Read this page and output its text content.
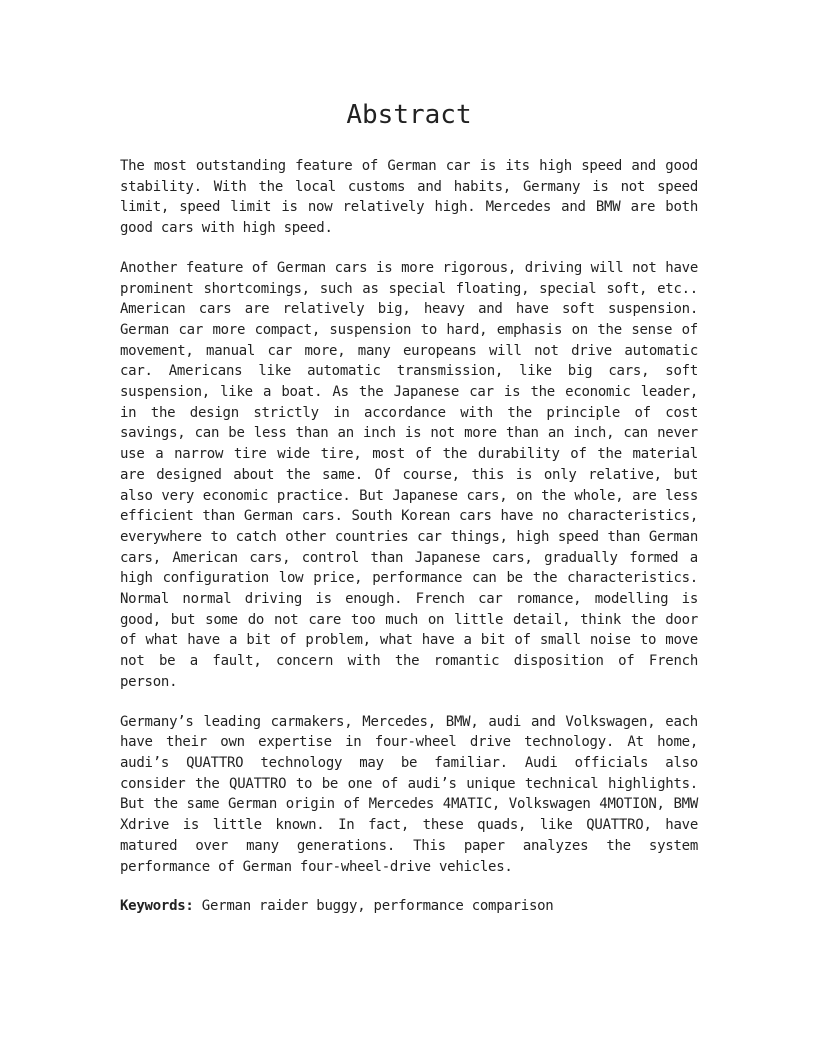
Abstract

The most outstanding feature of German car is its high speed and good stability. With the local customs and habits, Germany is not speed limit, speed limit is now relatively high. Mercedes and BMW are both good cars with high speed.

Another feature of German cars is more rigorous, driving will not have prominent shortcomings, such as special floating, special soft, etc.. American cars are relatively big, heavy and have soft suspension. German car more compact, suspension to hard, emphasis on the sense of movement, manual car more, many europeans will not drive automatic car. Americans like automatic transmission, like big cars, soft suspension, like a boat. As the Japanese car is the economic leader, in the design strictly in accordance with the principle of cost savings, can be less than an inch is not more than an inch, can never use a narrow tire wide tire, most of the durability of the material are designed about the same. Of course, this is only relative, but also very economic practice. But Japanese cars, on the whole, are less efficient than German cars. South Korean cars have no characteristics, everywhere to catch other countries car things, high speed than German cars, American cars, control than Japanese cars, gradually formed a high configuration low price, performance can be the characteristics. Normal normal driving is enough. French car romance, modelling is good, but some do not care too much on little detail, think the door of what have a bit of problem, what have a bit of small noise to move not be a fault, concern with the romantic disposition of French person.

Germany’s leading carmakers, Mercedes, BMW, audi and Volkswagen, each have their own expertise in four-wheel drive technology. At home, audi’s QUATTRO technology may be familiar. Audi officials also consider the QUATTRO to be one of audi’s unique technical highlights. But the same German origin of Mercedes 4MATIC, Volkswagen 4MOTION, BMW Xdrive is little known. In fact, these quads, like QUATTRO, have matured over many generations. This paper analyzes the system performance of German four-wheel-drive vehicles.

Keywords: German raider buggy, performance comparison
